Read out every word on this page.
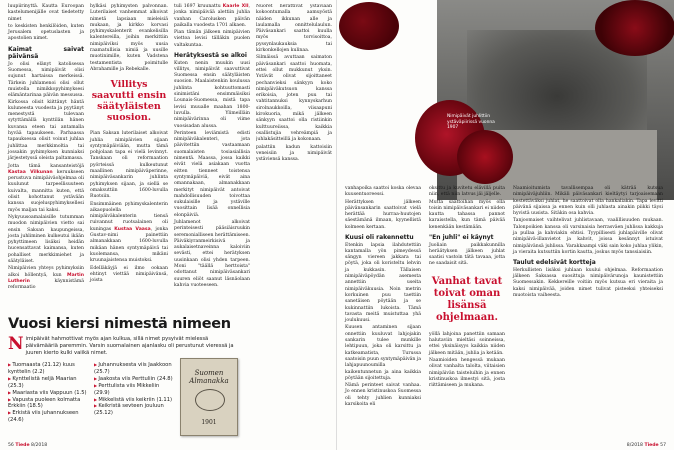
luupiirinyttä. Kautta Euroopan kastelumenijälle ovat tiedetetty nimet

to keskisten henkilöiden, kuten Jerusalem opetuslasten ja apostolien nimet.

Kaimat saivat päivänsä

Jo olisi elänyt katolisessa Suomessa, nimipäivät olisi sujunut hartaissa merkeissä. Tärkein juhlamenoi olisi ollut muistella nimikkopyhimyksesi elämäntarinaa päivän messussa. Kirkossa olisit kiittänyt häntä kuluneesta vuodesta ja pyytänyt menestystä tulevaan sytyttämällä kynttilän hänen kuvansa eteen tai antamalla hyvää tapaukseen. Parhaassa tapauksessa olisit voinut juhlaa juhlittaa merkkimoltia tai jossakin pyhimyksen kunniaksi järjestetyssä oleista paltamassa.

Jotta tämä kansanteistöjä Kastaa Vilkunan keruukseen perustuva nimipäiväohjelmaa oli kuulunut tarpeellisuuteen kuivalta, mannitta kuten, että olisit kohottanut ystävään kanssa suojeluspyhimyksellesi myös maljan tai kaksi.

Nykyuusoamalaisille tutumman muodon nimipäivien vietto sai ensin Saksan kaupungeissa, josta juhliminen kulkeutui ikään pyhyttimeen lisäksi heidän hucensattavat kaimansa, kuten pohalliset merkkimiehet ja säätyläiset.

Nimipäivien yhteys pyhimyksiin alkoi höllentyä, kun Martin Lutherin käynnistämä reformaatio

hylkäsi pyhimysten palvonnan. Luterilaiset vanhemmat alkoivat nimetä lapsiaan mieleisiä mukaan, ja kirkko korvasi pyhimyskalenterit evankelisilla kalentereilla, joihin merkittiin nimipäiviksi myös uusia raamatullisia nimiä ja uusille muotinimille, kuten Vadstena testamentista poimitulle Abrahamille ja Rebekalle.

Villitys saavutti ensin säätyläisten suosion.

Pian Saksan luterilaiset alkoivat juhlia nimipäivien sijaan syntymäpäiviään, mutta tämä pohjolaan tapa ei vielä levinnyt. Tanskaan oli reformaation pyörteissä kulkeutunut maallinen nimipäiväperinne, nimipäiväsankarin juhlinta pyhimyksen sijaan, ja siellä se omaksuttiin 1600-luvulla Ruotsiin.

Ensimmäinen pyhimyskalenterin aikaopuolella nimipäiväkalenterin tiensä ruivannut ruotsalainen oli kuningas Kustaa Vaasa, jonka Gustav-nimi painettiin almanakkaan 1600-luvulla mikäan hänen syntymäpäivä tai kuolemansa, mikäni kruunajaistensa muistoksi.

Edelläkäyjä ei ilmo ookaan ehtinyt viettää nimipäivänsä, joista

tuli 1697 kruunattu Kaarle XII, jonka nimipäivää alettiin juhlia vanhan Carolusken päivän paikalla vuodesta 1701 alkaen.

Pian tämän jälkeen nimipäivien viettoa levisi tälläkin puolen valtakuntaa.

Herätyksestä se alkoi

Kuten nenin muukin uusi villitys, nimipäivät saavuttivat Suomessa ensin säätyläisten suosion. Maalaistenkin koulussa juhlinta kohtuuttomasti sinimistäni ensimmäisiksi Lounais-Suomessa, mistä tapa levisi muualle maahan 1800-luvulla. Ylimeilläin nimipäivärinna oli viime vuosisadan alussa.

Perinteen leviämistä edisti nimipäiväkalenteri, jota päivitettiin vastaamaan suomalaisten tosiasiallisia nimentä. Maassa, jossa kaikki eivät vielä asiakaan vuotta eitten tienneet toistensa syntymäpäiviä, eivät aina omannakaan, almanakkaan merkityt nimipäivät antoivat mahdollisuuden toivottaa sukulaisille ja ystäville vuosittain lisää onnellisia elonpäiviä.

Juhlamenot alkoivat perinteisesti pääsiäisruukin seremonialliseen herättämiseen. Päiväkiyranmeirkisivä ja aukalaisetnaveinna kaloiviin sevästi, ettei herätyksen uusinkaan olisi yhden tarpeen. Moni "täällä herttoista" odottanut nimipäiväsankari suuren eliöt saanut läsnäolaan kahvia vuoteeseen.

Nuoret herättivät ystäviään kokoontumalla aamuyöstä näiden ikkunan alle ja laulamalla onnittelulaulun. Päiväsankari saattoi kuulla myös torvisoittoa, pyssynlaukauksia tai kirkonkellojen kulinaa.

Silmäissä avuttaan saimaton päiväsankari saattoi huomata, ettei ollut mukkunut yksin. Ystävät olivat sijoittaneet pechanvieksi sänkyyn koko nimipäiväkutsuon kanssa erikoisia, joten puu tai vahtitannuksi kynnyskarhun sirolnaukkoilla, viisaapuni kirokuoria, mikä jälkeen sänkyyn saattoi olla ristiinkin kulttuureiissa, kaikkia osallistujia vehreämpiä ja juhlakäsitteillä ja kokonaan.

palattiin kadun kattoisiin veneisiin ja nimipäivät ystäviensä kanssa.

Vuosi kiersi nimestä nimeen
N imipäivät hahmottivat myös ajan kulkua, sillä nimet pysyivät mielessä päivämääriä paremmin. Varsin suomalainen ajanlasku oli perustunut vieressä ja juuren kierto kulki vaiikä nimet.
▶ Tuomaasta (21.12) kuus kynttelin (2.2)
▶ Kynttelistä neljä Maarian (25.3)
▶ Maariasta viis Vappuun (1.5)
▶ Vapusta puoleen kolmatta Erkkiin (18.5)
▶ Erkistä viis juhannukseen (24.6)
▶ Juhannuksesta viis Jaakkoon (25.7)
▶ Jaakosta viis Perttuliin (24.8)
▶ Perttulista viis Mikkeliin (29.9)
▶ Mikkelistä viis keikriin (1.11)
▶ Keikristä sevteen jouluun (25.12)
Suomen Almanakka
1901
56 Tiede 8/2018
Nimipäivät juhlittiin ystäväpiirissä vuonna 1907

vanhapoika saattoi koska olevaa kuusentuoreessi.

Herättyksen jälkeen päivänsankarin saattoivat vielä herättää hurraa-huutojen säestämänä ilmaan, kyynellistä kolmeen kertaan.

Kuusi oli rakennettu

Etenkin lapsia ilahdutettiin kantamalla yön pimeydessä sängyn viereen jakkara tai pöytä, joka oli koristeltu lehvin ja kukkasin. Tällaisen nimipäiväpöydän asemesta annettiin useita nimipäiväkuusia. Noin metrin korkuinen puu taettiin sanetäisen pöytään ja se kukinnattiin lukoista. Tämä tavasta meitä muistuttaa yhä joulukuusi.

Kuusen antaminen sijaan onnettiin kuuluvat lahjojakin sankarin tulee munkille lehtipuun, joka oli karsittu ja katkeamatista, Turussa saatoisin puun syntymäpäivän ja lahjapuunoumilla kaikentunnetun ja aina kaikkia pöytään sijoitettuja.

Nämä perinteet saivat vanhaa. Jo ennen kristinuskoa Suomessa oli tehty juhlien kunniaksi karsikoita eli

oksittu ja kuvitetu elävillä puita niin, että niin latvus jäi jäljelle.

Mutta saattoihan myös olla toisin nimipäiväsankari ei niiden kautta tahassa pannot karaisstella, kun tämä päivää kenenkään kestämään.

"En juhli" ei käynyt

Juoliain paikkakunnilla heräätyksen jälkeen juhlat saatisi vastoin tätä tavaaa, jotta ne saadaisit sitä.

Vanhat tavat toivat oman lisänsä ohjelmaan.

yöllä lahjoina panettiin samaan halutaviin mieltäsi soinneissa, ettei yksinäisyys kaikkia niiden jälkeen mitään, juhlia ja ketään.

Naamioiden hengessä mukaan olivat vanhalta talolta, viitaisien nimipäivän taisteluihin ja ennen kristinuskoa ilmestyi sitä, josta riittämiseen ja mukana.

Naamioitumista tavallisempaa oli käträä kutsua nimipäiväjuhliin. Mikäli päiväsankari kieltäytyi tarjoaisemaan kestettäväksi juhlat, he saattoivat olla hankaliakin. Tapa levitti päivänä sijaissa ja ennen kuin olli juhlasta ainakin piikki täysi hyvistä uusista. Sitäkin osa kahvia.

Tanjoomaiset vaihtelivat juhlistavaan, vaalillisuuden mukaan. Talonpoikien kanssa oli varsinaisia herrasväen juhlissa kakkuja ja pullaa ja kahviakin ehtisi. Tyypillisesti juhlapäiville olivat nimipäivä-illanvietot ja kahvit, joissa kesännyt istuivat nimipäivänsä juhlissa. Varakkaampi väki sain koko juhlaa ylikin, ja vieraita kutsuttiin kortin kautta, joskus myös tanssiaisiin.

Taulut edelsivät kortteja

Herkullisten lisäksi juhlaan kuului ohjelmaa. Reformaation jälkeen Saksassa suosittuja nimipäivärunoja kaunistettiin Suomessakin. Kekkereille voitiin myös kutsua eri vieraita ja kaksi nimipäivää, joiden nimet tulivat pisteeksi yhteiseksi muotoista vaiheesta.

8/2018 Tiede 57
